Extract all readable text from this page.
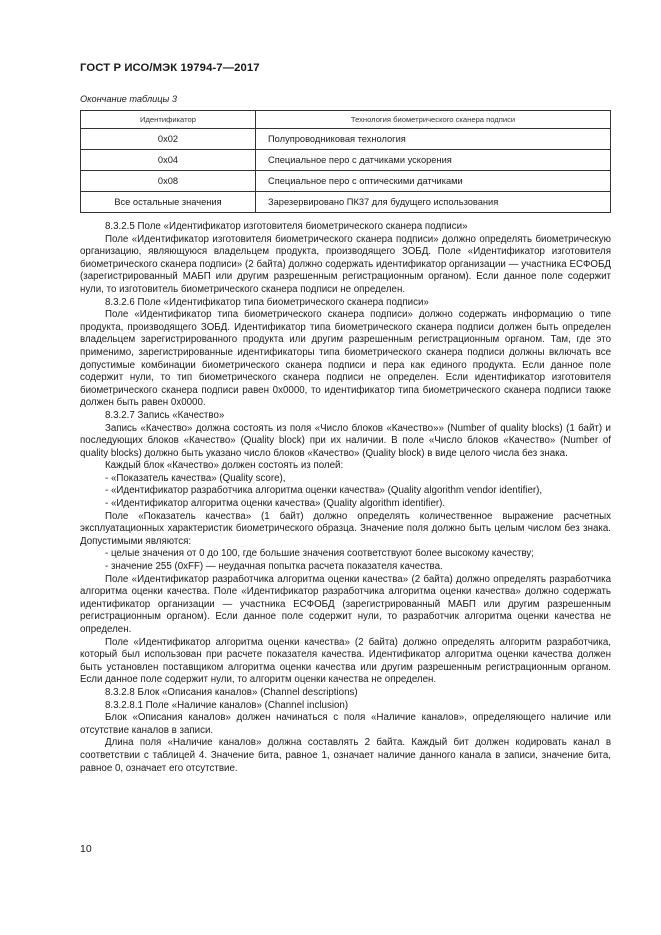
ГОСТ Р ИСО/МЭК 19794-7—2017
Окончание таблицы 3
Идентификатор	Технология биометрического сканера подписи
0x02	Полупроводниковая технология
0x04	Специальное перо с датчиками ускорения
0x08	Специальное перо с оптическими датчиками
Все остальные значения	Зарезервировано ПК37 для будущего использования

8.3.2.5 Поле «Идентификатор изготовителя биометрического сканера подписи»

Поле «Идентификатор изготовителя биометрического сканера подписи» должно определять биометрическую организацию, являющуюся владельцем продукта, производящего ЗОБД. Поле «Идентификатор изготовителя биометрического сканера подписи» (2 байта) должно содержать идентификатор организации — участника ЕСФОБД (зарегистрированный МАБП или другим разрешенным регистрационным органом). Если данное поле содержит нули, то изготовитель биометрического сканера подписи не определен.

8.3.2.6 Поле «Идентификатор типа биометрического сканера подписи»

Поле «Идентификатор типа биометрического сканера подписи» должно содержать информацию о типе продукта, производящего ЗОБД. Идентификатор типа биометрического сканера подписи должен быть определен владельцем зарегистрированного продукта или другим разрешенным регистрационным органом. Там, где это применимо, зарегистрированные идентификаторы типа биометрического сканера подписи должны включать все допустимые комбинации биометрического сканера подписи и пера как единого продукта. Если данное поле содержит нули, то тип биометрического сканера подписи не определен. Если идентификатор изготовителя биометрического сканера подписи равен 0x0000, то идентификатор типа биометрического сканера подписи также должен быть равен 0x0000.

8.3.2.7 Запись «Качество»

Запись «Качество» должна состоять из поля «Число блоков «Качество»» (Number of quality blocks) (1 байт) и последующих блоков «Качество» (Quality block) при их наличии. В поле «Число блоков «Качество» (Number of quality blocks) должно быть указано число блоков «Качество» (Quality block) в виде целого числа без знака.

Каждый блок «Качество» должен состоять из полей:

- «Показатель качества» (Quality score),

- «Идентификатор разработчика алгоритма оценки качества» (Quality algorithm vendor identifier),

- «Идентификатор алгоритма оценки качества» (Quality algorithm identifier).

Поле «Показатель качества» (1 байт) должно определять количественное выражение расчетных эксплуатационных характеристик биометрического образца. Значение поля должно быть целым числом без знака. Допустимыми являются:

- целые значения от 0 до 100, где большие значения соответствуют более высокому качеству;

- значение 255 (0xFF) — неудачная попытка расчета показателя качества.

Поле «Идентификатор разработчика алгоритма оценки качества» (2 байта) должно определять разработчика алгоритма оценки качества. Поле «Идентификатор разработчика алгоритма оценки качества» должно содержать идентификатор организации — участника ЕСФОБД (зарегистрированный МАБП или другим разрешенным регистрационным органом). Если данное поле содержит нули, то разработчик алгоритма оценки качества не определен.

Поле «Идентификатор алгоритма оценки качества» (2 байта) должно определять алгоритм разработчика, который был использован при расчете показателя качества. Идентификатор алгоритма оценки качества должен быть установлен поставщиком алгоритма оценки качества или другим разрешенным регистрационным органом. Если данное поле содержит нули, то алгоритм оценки качества не определен.

8.3.2.8 Блок «Описания каналов» (Channel descriptions)

8.3.2.8.1 Поле «Наличие каналов» (Channel inclusion)

Блок «Описания каналов» должен начинаться с поля «Наличие каналов», определяющего наличие или отсутствие каналов в записи.

Длина поля «Наличие каналов» должна составлять 2 байта. Каждый бит должен кодировать канал в соответствии с таблицей 4. Значение бита, равное 1, означает наличие данного канала в записи, значение бита, равное 0, означает его отсутствие.

10
